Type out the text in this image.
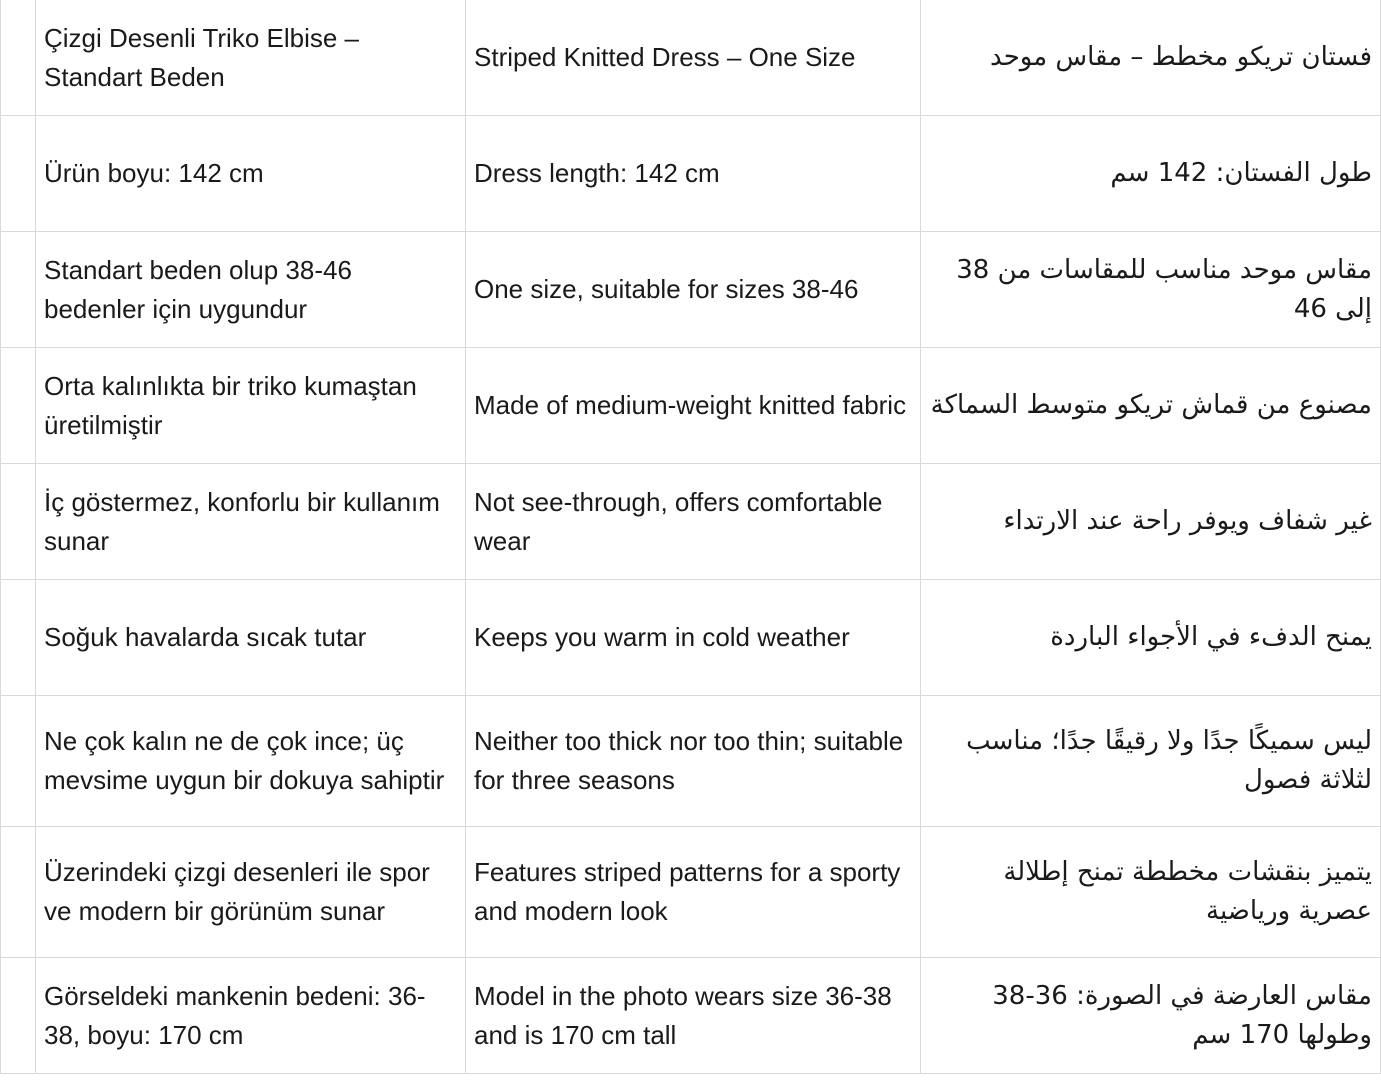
	Çizgi Desenli Triko Elbise – Standart Beden	Striped Knitted Dress – One Size	فستان تريكو مخطط – مقاس موحد
	Ürün boyu: 142 cm	Dress length: 142 cm	طول الفستان: 142 سم
	Standart beden olup 38-46 bedenler için uygundur	One size, suitable for sizes 38-46	مقاس موحد مناسب للمقاسات من 38 إلى 46
	Orta kalınlıkta bir triko kumaştan üretilmiştir	Made of medium-weight knitted fabric	مصنوع من قماش تريكو متوسط السماكة
	İç göstermez, konforlu bir kullanım sunar	Not see-through, offers comfortable wear	غير شفاف ويوفر راحة عند الارتداء
	Soğuk havalarda sıcak tutar	Keeps you warm in cold weather	يمنح الدفء في الأجواء الباردة
	Ne çok kalın ne de çok ince; üç mevsime uygun bir dokuya sahiptir	Neither too thick nor too thin; suitable for three seasons	ليس سميكًا جدًا ولا رقيقًا جدًا؛ مناسب لثلاثة فصول
	Üzerindeki çizgi desenleri ile spor ve modern bir görünüm sunar	Features striped patterns for a sporty and modern look	يتميز بنقشات مخططة تمنح إطلالة عصرية ورياضية
	Görseldeki mankenin bedeni: 36-38, boyu: 170 cm	Model in the photo wears size 36-38 and is 170 cm tall	مقاس العارضة في الصورة: 36-38 وطولها 170 سم
